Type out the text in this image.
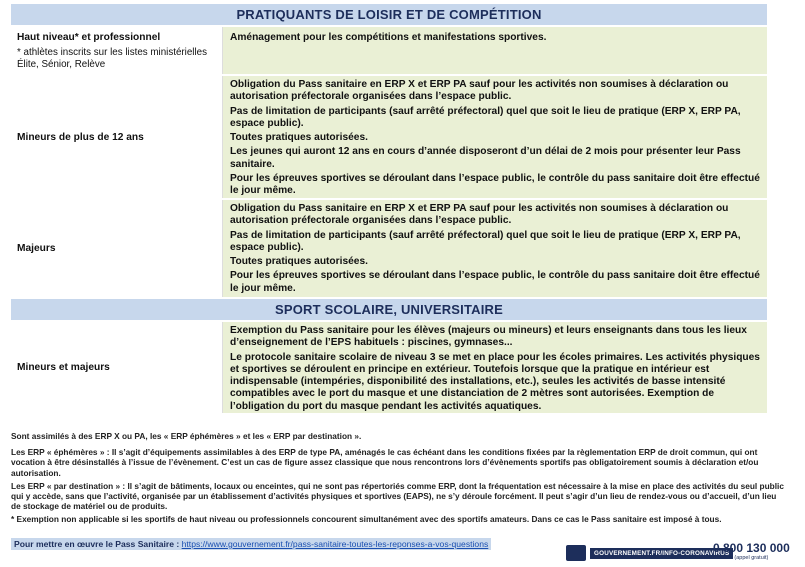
PRATIQUANTS DE LOISIR ET DE COMPÉTITION
Haut niveau* et professionnel
* athlètes inscrits sur les listes ministérielles Élite, Sénior, Relève

Aménagement pour les compétitions et manifestations sportives.

Mineurs de plus de 12 ans

Obligation du Pass sanitaire en ERP X et ERP PA sauf pour les activités non soumises à déclaration ou autorisation préfectorale organisées dans l’espace public.

Pas de limitation de participants (sauf arrêté préfectoral) quel que soit le lieu de pratique (ERP X, ERP PA, espace public).

Toutes pratiques autorisées.

Les jeunes qui auront 12 ans en cours d’année disposeront d’un délai de 2 mois pour présenter leur Pass sanitaire.

Pour les épreuves sportives se déroulant dans l’espace public, le contrôle du pass sanitaire doit être effectué le jour même.

Majeurs

Obligation du Pass sanitaire en ERP X et ERP PA sauf pour les activités non soumises à déclaration ou autorisation préfectorale organisées dans l’espace public.

Pas de limitation de participants (sauf arrêté préfectoral) quel que soit le lieu de pratique (ERP X, ERP PA, espace public).

Toutes pratiques autorisées.

Pour les épreuves sportives se déroulant dans l’espace public, le contrôle du pass sanitaire doit être effectué le jour même.

SPORT SCOLAIRE, UNIVERSITAIRE
Mineurs et majeurs

Exemption du Pass sanitaire pour les élèves (majeurs ou mineurs) et leurs enseignants dans tous les lieux d’enseignement de l’EPS habituels : piscines, gymnases...

Le protocole sanitaire scolaire de niveau 3 se met en place pour les écoles primaires. Les activités physiques et sportives se déroulent en principe en extérieur. Toutefois lorsque que la pratique en intérieur est indispensable (intempéries, disponibilité des installations, etc.), seules les activités de basse intensité compatibles avec le port du masque et une distanciation de 2 mètres sont autorisées. Exemption de l’obligation du port du masque pendant les activités aquatiques.

Sont assimilés à des ERP X ou PA, les « ERP éphémères » et les « ERP par destination ».

Les ERP « éphémères » : Il s’agit d’équipements assimilables à des ERP de type PA, aménagés le cas échéant dans les conditions fixées par la règlementation ERP de droit commun, qui ont vocation à être désinstallés à l’issue de l’évènement. C’est un cas de figure assez classique que nous rencontrons lors d’évènements sportifs pas obligatoirement soumis à déclaration et/ou autorisation.

Les ERP « par destination » : Il s’agit de bâtiments, locaux ou enceintes, qui ne sont pas répertoriés comme ERP, dont la fréquentation est nécessaire à la mise en place des activités du seul public qui y accède, sans que l’activité, organisée par un établissement d’activités physiques et sportives (EAPS), ne s’y déroule forcément. Il peut s’agir d’un lieu de rendez-vous ou d’accueil, d’un lieu de stockage de matériel ou de produits.

* Exemption non applicable si les sportifs de haut niveau ou professionnels concourent simultanément avec des sportifs amateurs. Dans ce cas le Pass sanitaire est imposé à tous.

Pour mettre en œuvre le Pass Sanitaire : https://www.gouvernement.fr/pass-sanitaire-toutes-les-reponses-a-vos-questions
GOUVERNEMENT.FR/INFO-CORONAVIRUS
0 800 130 000
(appel gratuit)
